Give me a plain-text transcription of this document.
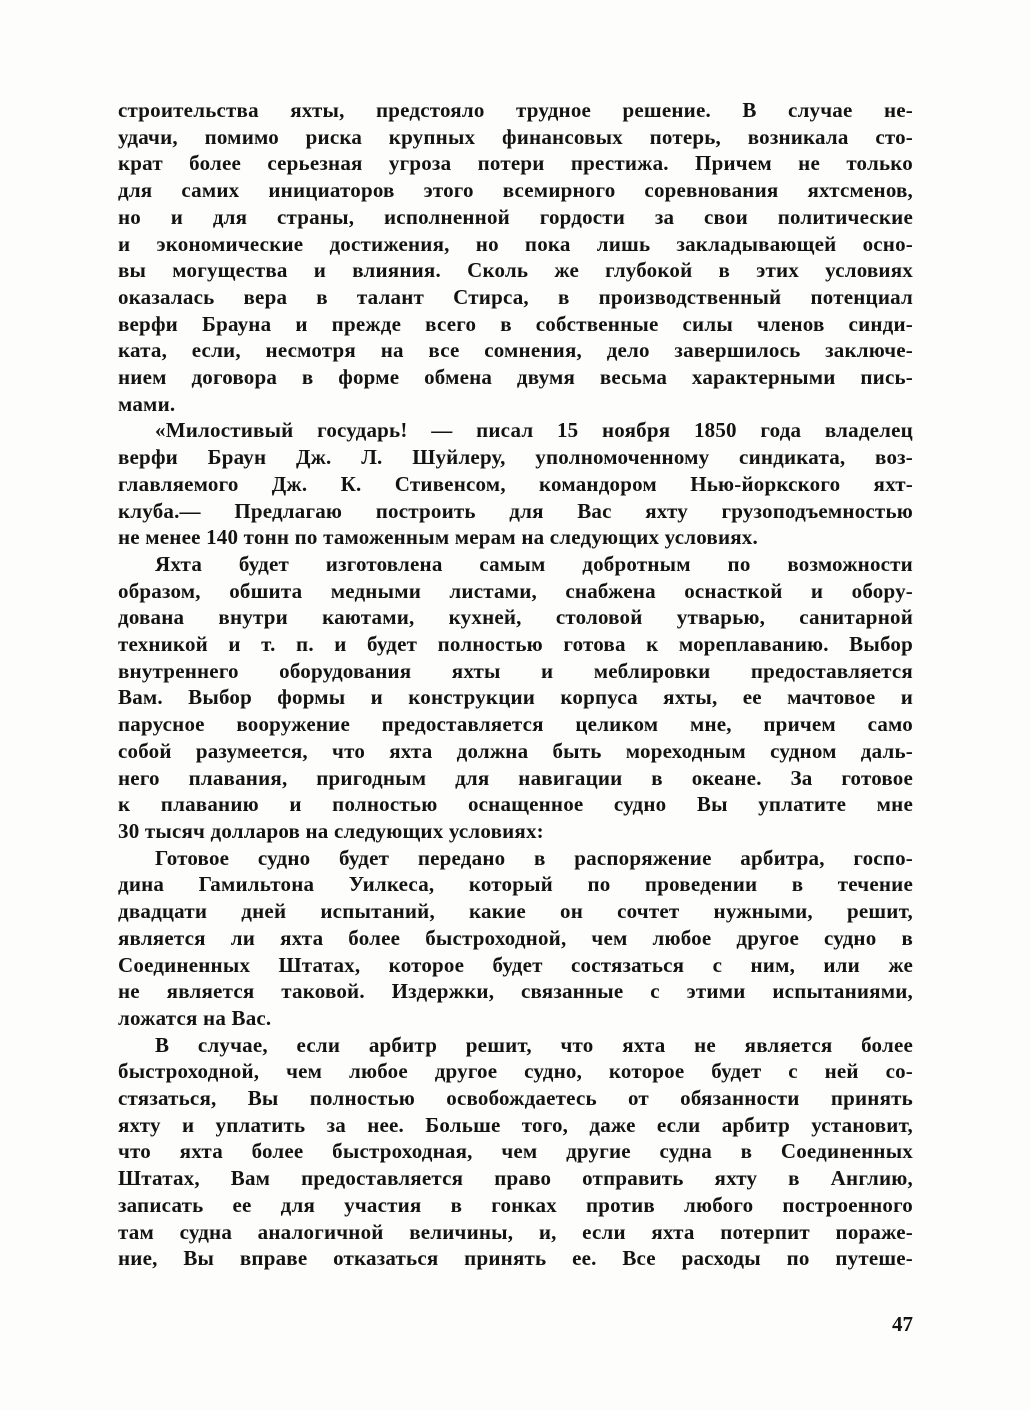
строительства яхты, предстояло трудное решение. В случае не-
удачи, помимо риска крупных финансовых потерь, возникала сто-
крат более серьезная угроза потери престижа. Причем не только
для самих инициаторов этого всемирного соревнования яхтсменов,
но и для страны, исполненной гордости за свои политические
и экономические достижения, но пока лишь закладывающей осно-
вы могущества и влияния. Сколь же глубокой в этих условиях
оказалась вера в талант Стирса, в производственный потенциал
верфи Брауна и прежде всего в собственные силы членов синди-
ката, если, несмотря на все сомнения, дело завершилось заключе-
нием договора в форме обмена двумя весьма характерными пись-
мами.
«Милостивый государь! — писал 15 ноября 1850 года владелец
верфи Браун Дж. Л. Шуйлеру, уполномоченному синдиката, воз-
главляемого Дж. К. Стивенсом, командором Нью-йоркского яхт-
клуба.— Предлагаю построить для Вас яхту грузоподъемностью
не менее 140 тонн по таможенным мерам на следующих условиях.
Яхта будет изготовлена самым добротным по возможности
образом, обшита медными листами, снабжена оснасткой и обору-
дована внутри каютами, кухней, столовой утварью, санитарной
техникой и т. п. и будет полностью готова к мореплаванию. Выбор
внутреннего оборудования яхты и меблировки предоставляется
Вам. Выбор формы и конструкции корпуса яхты, ее мачтовое и
парусное вооружение предоставляется целиком мне, причем само
собой разумеется, что яхта должна быть мореходным судном даль-
него плавания, пригодным для навигации в океане. За готовое
к плаванию и полностью оснащенное судно Вы уплатите мне
30 тысяч долларов на следующих условиях:
Готовое судно будет передано в распоряжение арбитра, госпо-
дина Гамильтона Уилкеса, который по проведении в течение
двадцати дней испытаний, какие он сочтет нужными, решит,
является ли яхта более быстроходной, чем любое другое судно в
Соединенных Штатах, которое будет состязаться с ним, или же
не является таковой. Издержки, связанные с этими испытаниями,
ложатся на Вас.
В случае, если арбитр решит, что яхта не является более
быстроходной, чем любое другое судно, которое будет с ней со-
стязаться, Вы полностью освобождаетесь от обязанности принять
яхту и уплатить за нее. Больше того, даже если арбитр установит,
что яхта более быстроходная, чем другие судна в Соединенных
Штатах, Вам предоставляется право отправить яхту в Англию,
записать ее для участия в гонках против любого построенного
там судна аналогичной величины, и, если яхта потерпит пораже-
ние, Вы вправе отказаться принять ее. Все расходы по путеше-
47
